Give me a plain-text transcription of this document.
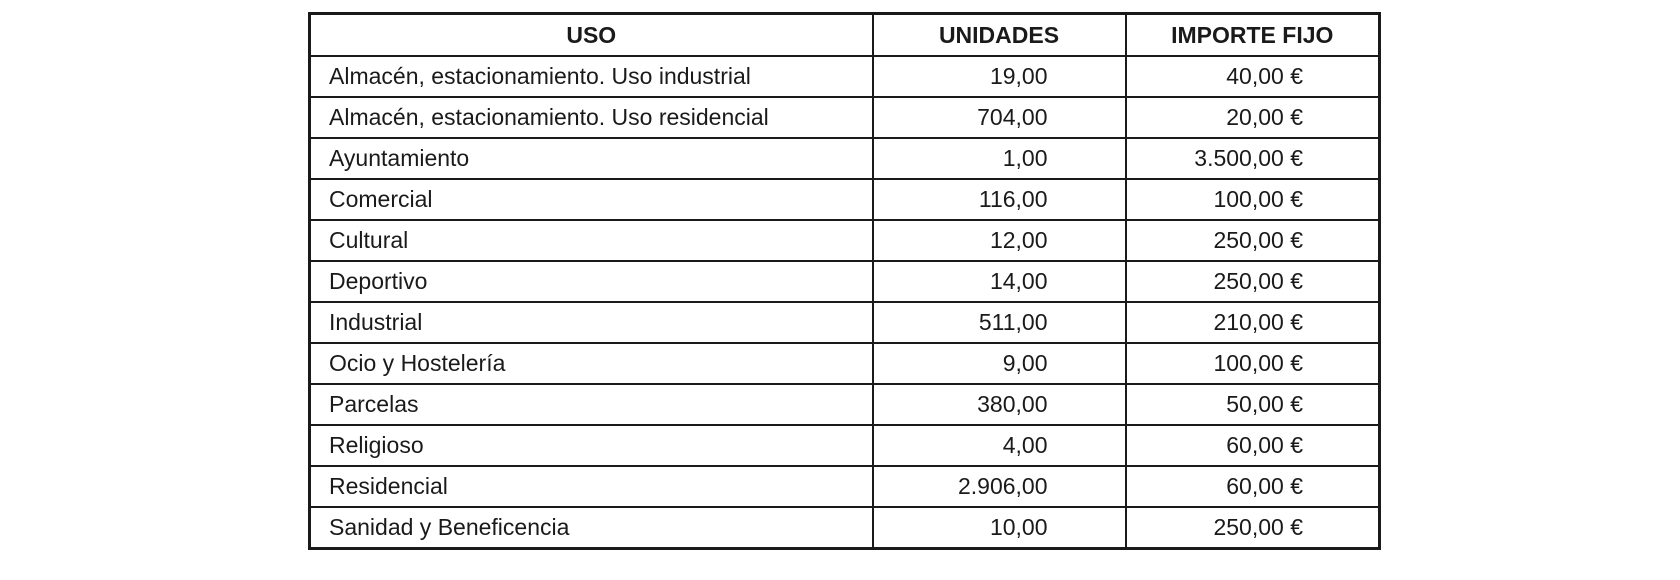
USO	UNIDADES	IMPORTE FIJO
Almacén, estacionamiento. Uso industrial	19,00	40,00 €
Almacén, estacionamiento. Uso residencial	704,00	20,00 €
Ayuntamiento	1,00	3.500,00 €
Comercial	116,00	100,00 €
Cultural	12,00	250,00 €
Deportivo	14,00	250,00 €
Industrial	511,00	210,00 €
Ocio y Hostelería	9,00	100,00 €
Parcelas	380,00	50,00 €
Religioso	4,00	60,00 €
Residencial	2.906,00	60,00 €
Sanidad y Beneficencia	10,00	250,00 €
